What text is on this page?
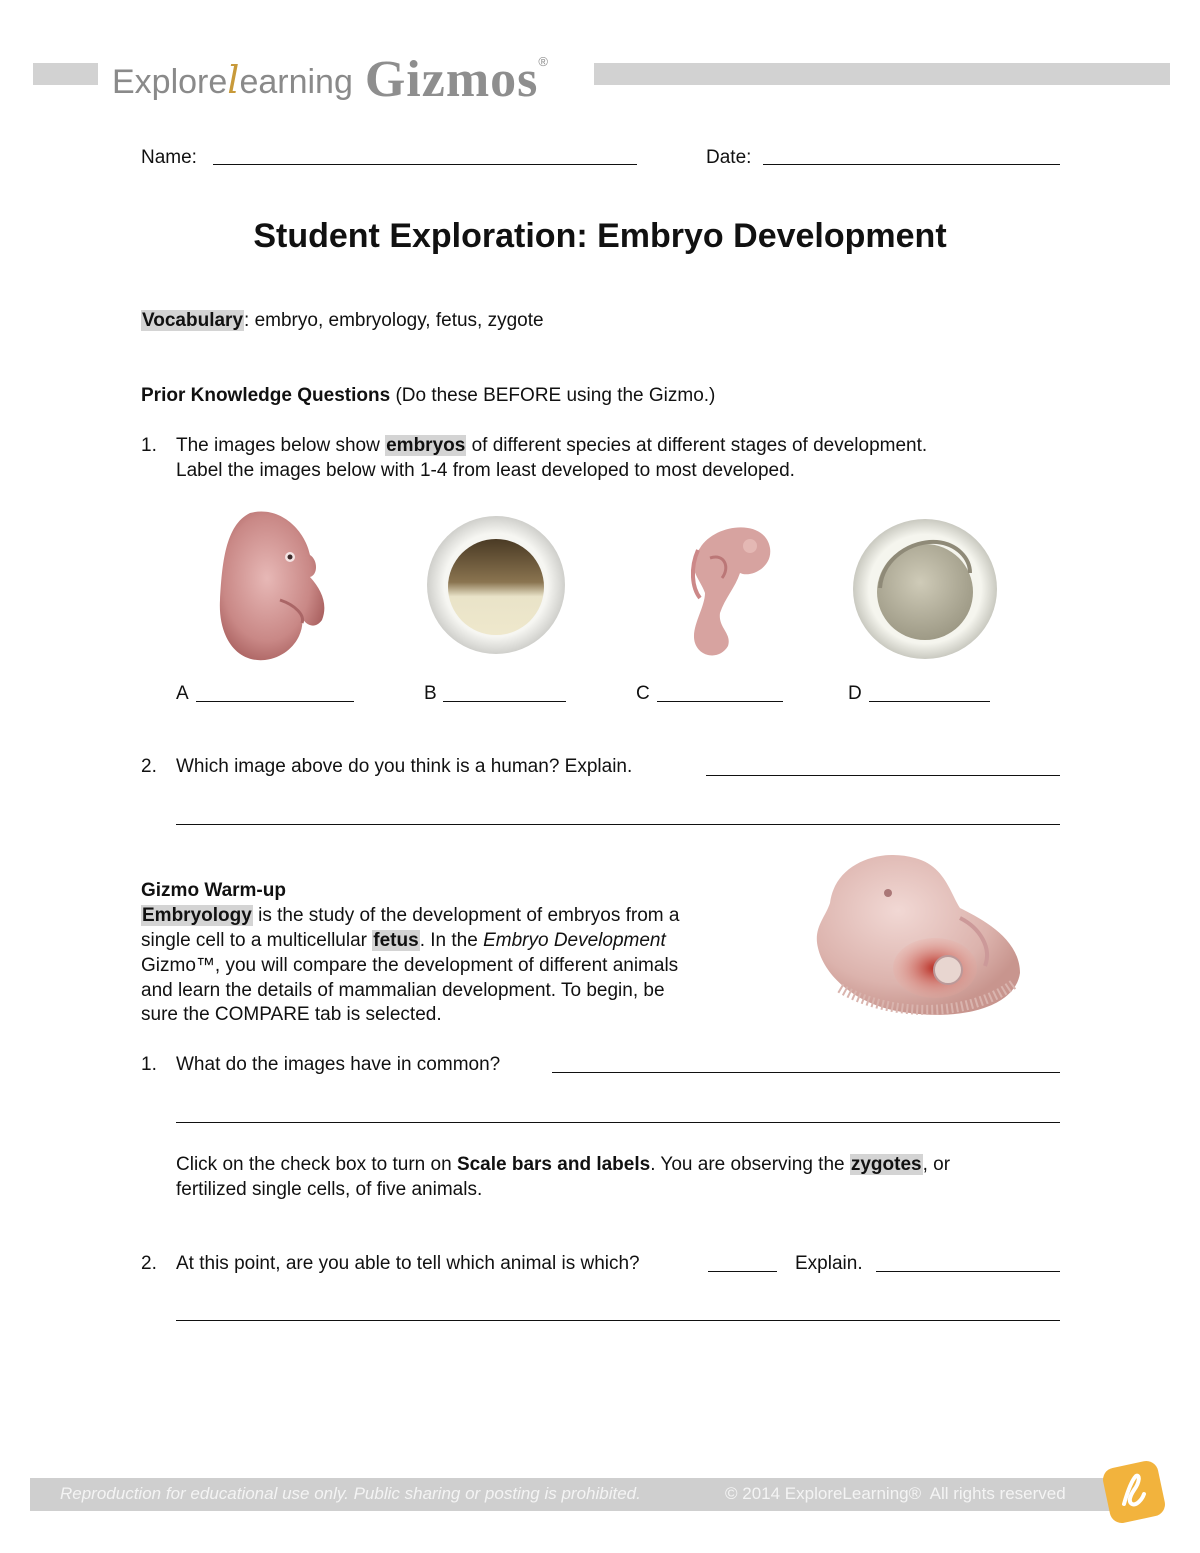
Explorelearning Gizmos®
Name:	Date:
Student Exploration: Embryo Development
Vocabulary: embryo, embryology, fetus, zygote
Prior Knowledge Questions (Do these BEFORE using the Gizmo.)
1. The images below show embryos of different species at different stages of development.
Label the images below with 1-4 from least developed to most developed.
A	B	C	D
2. Which image above do you think is a human? Explain.
Gizmo Warm-up
Embryology is the study of the development of embryos from a
single cell to a multicellular fetus. In the Embryo Development
Gizmo™, you will compare the development of different animals
and learn the details of mammalian development. To begin, be
sure the COMPARE tab is selected.
1. What do the images have in common?
Click on the check box to turn on Scale bars and labels. You are observing the zygotes, or
fertilized single cells, of five animals.
2. At this point, are you able to tell which animal is which?	Explain.
Reproduction for educational use only. Public sharing or posting is prohibited.	© 2014 ExploreLearning®  All rights reserved
